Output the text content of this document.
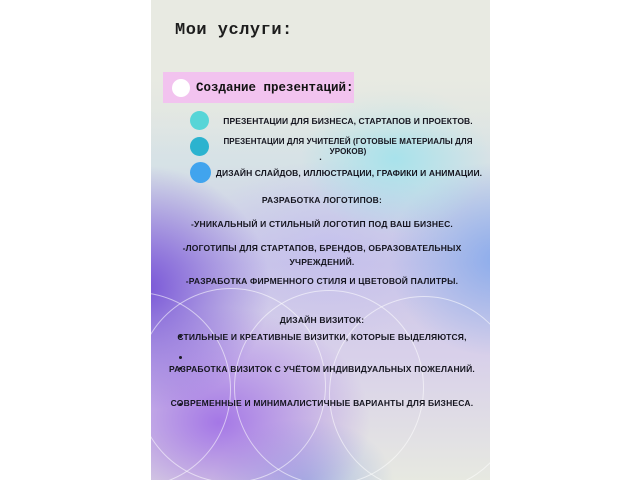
Мои услуги:
Создание презентаций:
ПРЕЗЕНТАЦИИ ДЛЯ БИЗНЕСА, СТАРТАПОВ И ПРОЕКТОВ.
ПРЕЗЕНТАЦИИ ДЛЯ УЧИТЕЛЕЙ (ГОТОВЫЕ МАТЕРИАЛЫ ДЛЯ УРОКОВ)
.
ДИЗАЙН СЛАЙДОВ, ИЛЛЮСТРАЦИИ, ГРАФИКИ И АНИМАЦИИ.
РАЗРАБОТКА ЛОГОТИПОВ:
-УНИКАЛЬНЫЙ И СТИЛЬНЫЙ ЛОГОТИП ПОД ВАШ БИЗНЕС.
-ЛОГОТИПЫ ДЛЯ СТАРТАПОВ, БРЕНДОВ, ОБРАЗОВАТЕЛЬНЫХ УЧРЕЖДЕНИЙ.
-РАЗРАБОТКА ФИРМЕННОГО СТИЛЯ И ЦВЕТОВОЙ ПАЛИТРЫ.
ДИЗАЙН ВИЗИТОК:
СТИЛЬНЫЕ И КРЕАТИВНЫЕ ВИЗИТКИ, КОТОРЫЕ ВЫДЕЛЯЮТСЯ,
РАЗРАБОТКА ВИЗИТОК С УЧЁТОМ ИНДИВИДУАЛЬНЫХ ПОЖЕЛАНИЙ.
СОВРЕМЕННЫЕ И МИНИМАЛИСТИЧНЫЕ ВАРИАНТЫ ДЛЯ БИЗНЕСА.
